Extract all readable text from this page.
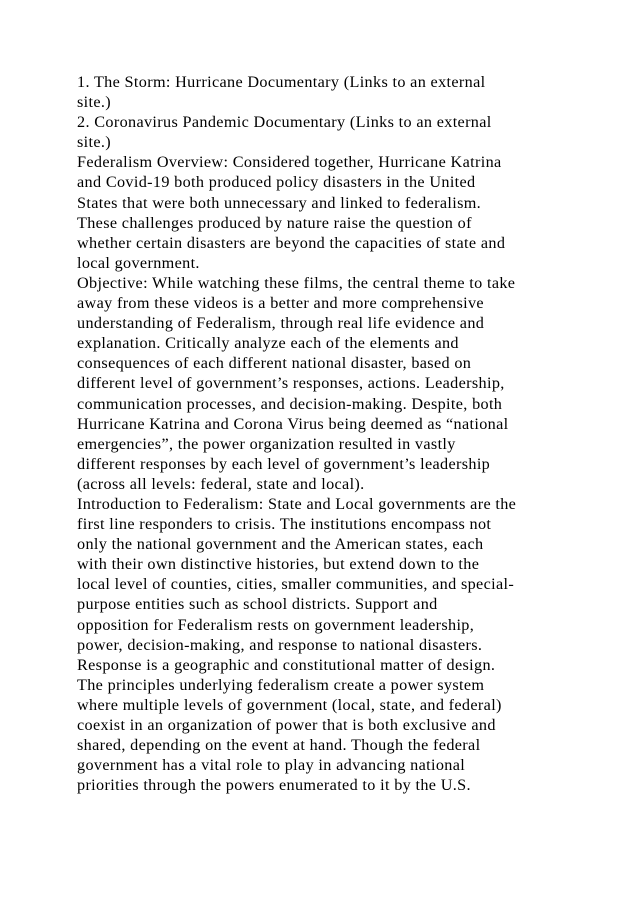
1. The Storm: Hurricane Documentary (Links to an external
site.)
2. Coronavirus Pandemic Documentary (Links to an external
site.)
Federalism Overview: Considered together, Hurricane Katrina
and Covid-19 both produced policy disasters in the United
States that were both unnecessary and linked to federalism.
These challenges produced by nature raise the question of
whether certain disasters are beyond the capacities of state and
local government.
Objective: While watching these films, the central theme to take
away from these videos is a better and more comprehensive
understanding of Federalism, through real life evidence and
explanation. Critically analyze each of the elements and
consequences of each different national disaster, based on
different level of government’s responses, actions. Leadership,
communication processes, and decision-making. Despite, both
Hurricane Katrina and Corona Virus being deemed as “national
emergencies”, the power organization resulted in vastly
different responses by each level of government’s leadership
(across all levels: federal, state and local).
Introduction to Federalism: State and Local governments are the
first line responders to crisis. The institutions encompass not
only the national government and the American states, each
with their own distinctive histories, but extend down to the
local level of counties, cities, smaller communities, and special-
purpose entities such as school districts. Support and
opposition for Federalism rests on government leadership,
power, decision-making, and response to national disasters.
Response is a geographic and constitutional matter of design.
The principles underlying federalism create a power system
where multiple levels of government (local, state, and federal)
coexist in an organization of power that is both exclusive and
shared, depending on the event at hand. Though the federal
government has a vital role to play in advancing national
priorities through the powers enumerated to it by the U.S.
